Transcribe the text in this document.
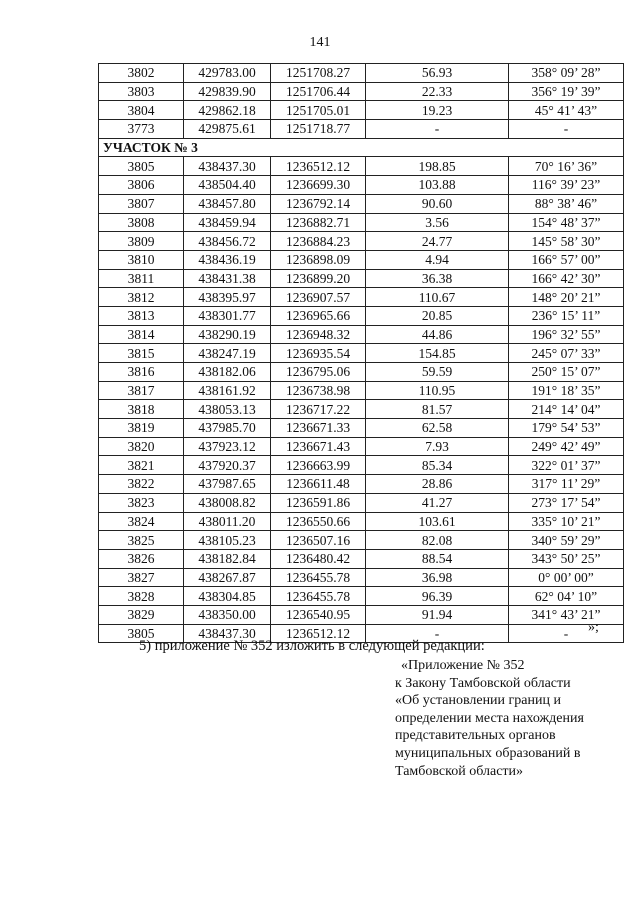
141
3802	429783.00	1251708.27	56.93	358° 09’ 28”
3803	429839.90	1251706.44	22.33	356° 19’ 39”
3804	429862.18	1251705.01	19.23	45° 41’ 43”
3773	429875.61	1251718.77	-	-
УЧАСТОК № 3				
3805	438437.30	1236512.12	198.85	70° 16’ 36”
3806	438504.40	1236699.30	103.88	116° 39’ 23”
3807	438457.80	1236792.14	90.60	88° 38’ 46”
3808	438459.94	1236882.71	3.56	154° 48’ 37”
3809	438456.72	1236884.23	24.77	145° 58’ 30”
3810	438436.19	1236898.09	4.94	166° 57’ 00”
3811	438431.38	1236899.20	36.38	166° 42’ 30”
3812	438395.97	1236907.57	110.67	148° 20’ 21”
3813	438301.77	1236965.66	20.85	236° 15’ 11”
3814	438290.19	1236948.32	44.86	196° 32’ 55”
3815	438247.19	1236935.54	154.85	245° 07’ 33”
3816	438182.06	1236795.06	59.59	250° 15’ 07”
3817	438161.92	1236738.98	110.95	191° 18’ 35”
3818	438053.13	1236717.22	81.57	214° 14’ 04”
3819	437985.70	1236671.33	62.58	179° 54’ 53”
3820	437923.12	1236671.43	7.93	249° 42’ 49”
3821	437920.37	1236663.99	85.34	322° 01’ 37”
3822	437987.65	1236611.48	28.86	317° 11’ 29”
3823	438008.82	1236591.86	41.27	273° 17’ 54”
3824	438011.20	1236550.66	103.61	335° 10’ 21”
3825	438105.23	1236507.16	82.08	340° 59’ 29”
3826	438182.84	1236480.42	88.54	343° 50’ 25”
3827	438267.87	1236455.78	36.98	0° 00’ 00”
3828	438304.85	1236455.78	96.39	62° 04’ 10”
3829	438350.00	1236540.95	91.94	341° 43’ 21”
3805	438437.30	1236512.12	-	- »;
5) приложение № 352 изложить в следующей редакции:
«Приложение № 352
к Закону Тамбовской области
«Об установлении границ и
определении места нахождения
представительных органов
муниципальных образований в
Тамбовской области»
